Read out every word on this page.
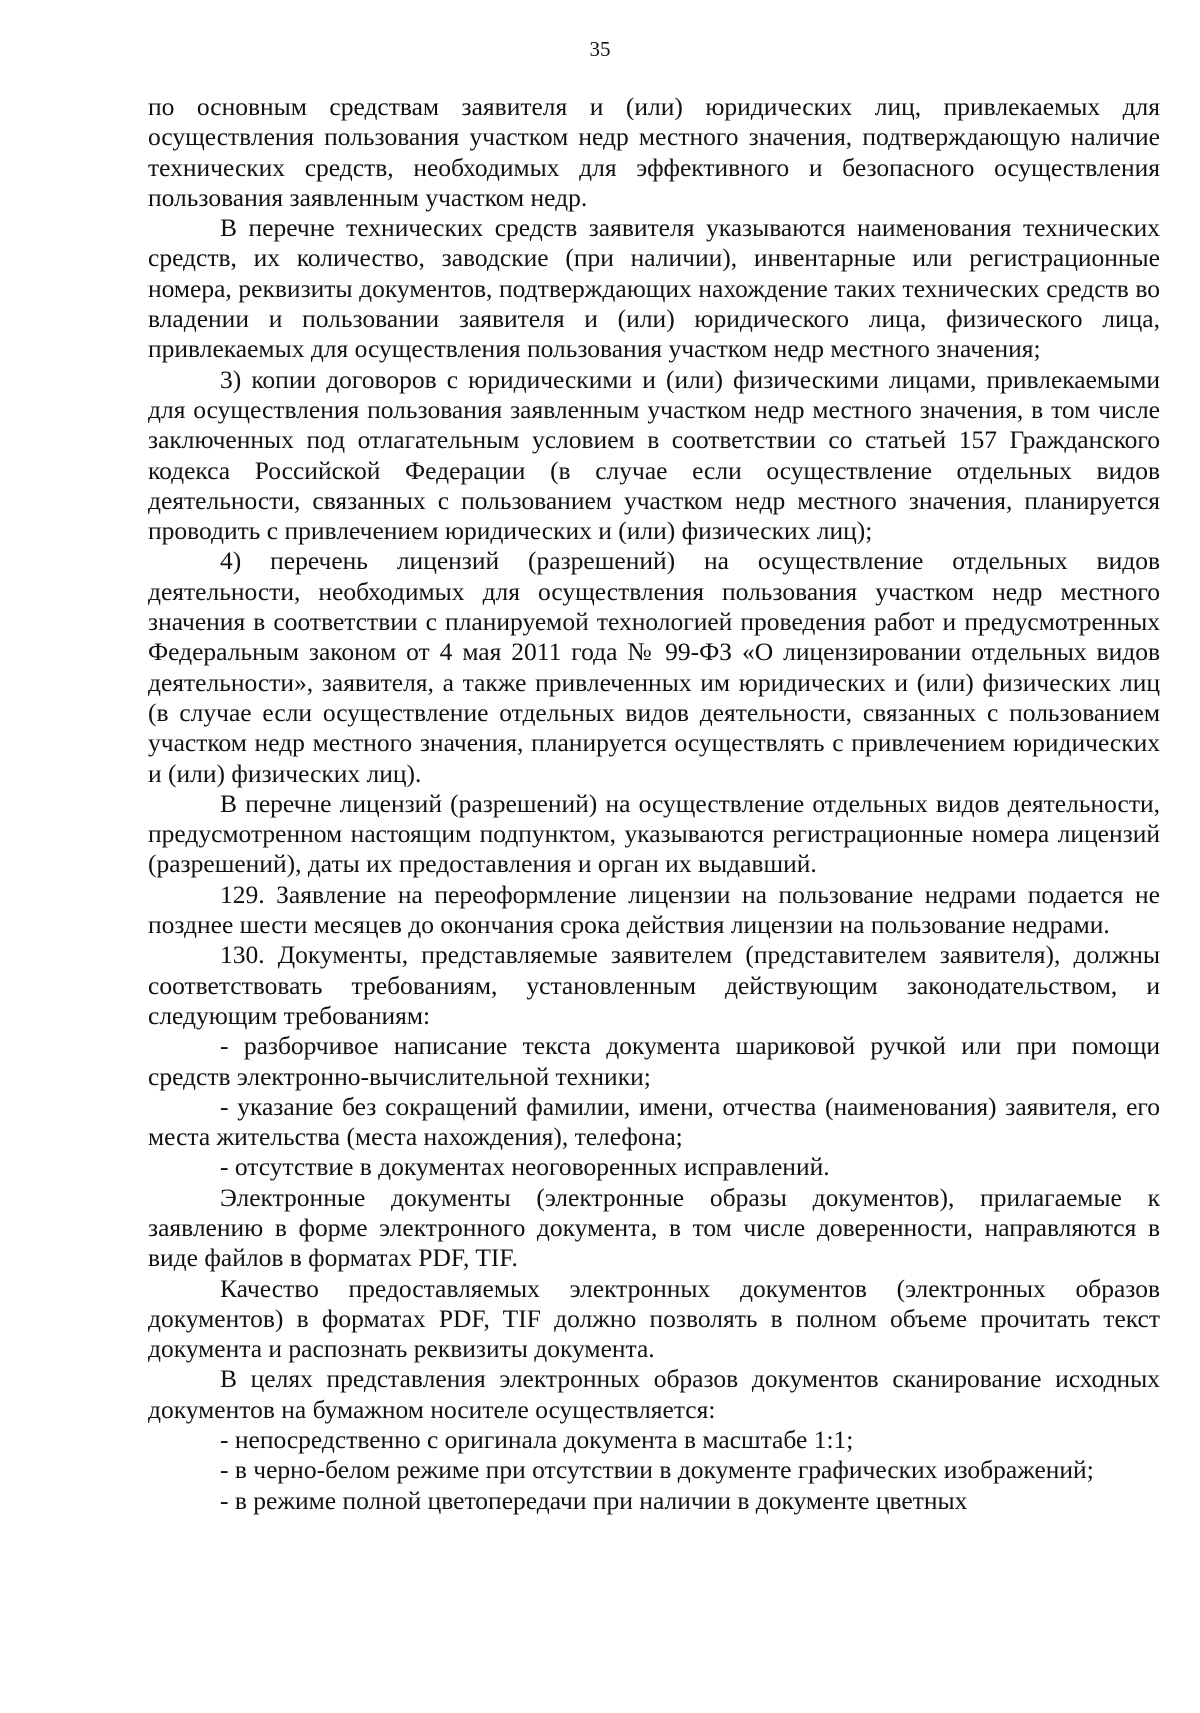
35

по основным средствам заявителя и (или) юридических лиц, привлекаемых для осуществления пользования участком недр местного значения, подтверждающую наличие технических средств, необходимых для эффективного и безопасного осуществления пользования заявленным участком недр.

В перечне технических средств заявителя указываются наименования технических средств, их количество, заводские (при наличии), инвентарные или регистрационные номера, реквизиты документов, подтверждающих нахождение таких технических средств во владении и пользовании заявителя и (или) юридического лица, физического лица, привлекаемых для осуществления пользования участком недр местного значения;

3) копии договоров с юридическими и (или) физическими лицами, привлекаемыми для осуществления пользования заявленным участком недр местного значения, в том числе заключенных под отлагательным условием в соответствии со статьей 157 Гражданского кодекса Российской Федерации (в случае если осуществление отдельных видов деятельности, связанных с пользованием участком недр местного значения, планируется проводить с привлечением юридических и (или) физических лиц);

4) перечень лицензий (разрешений) на осуществление отдельных видов деятельности, необходимых для осуществления пользования участком недр местного значения в соответствии с планируемой технологией проведения работ и предусмотренных Федеральным законом от 4 мая 2011 года № 99-ФЗ «О лицензировании отдельных видов деятельности», заявителя, а также привлеченных им юридических и (или) физических лиц (в случае если осуществление отдельных видов деятельности, связанных с пользованием участком недр местного значения, планируется осуществлять с привлечением юридических и (или) физических лиц).

В перечне лицензий (разрешений) на осуществление отдельных видов деятельности, предусмотренном настоящим подпунктом, указываются регистрационные номера лицензий (разрешений), даты их предоставления и орган их выдавший.

129. Заявление на переоформление лицензии на пользование недрами подается не позднее шести месяцев до окончания срока действия лицензии на пользование недрами.

130. Документы, представляемые заявителем (представителем заявителя), должны соответствовать требованиям, установленным действующим законодательством, и следующим требованиям:

- разборчивое написание текста документа шариковой ручкой или при помощи средств электронно-вычислительной техники;

- указание без сокращений фамилии, имени, отчества (наименования) заявителя, его места жительства (места нахождения), телефона;

- отсутствие в документах неоговоренных исправлений.

Электронные документы (электронные образы документов), прилагаемые к заявлению в форме электронного документа, в том числе доверенности, направляются в виде файлов в форматах PDF, TIF.

Качество предоставляемых электронных документов (электронных образов документов) в форматах PDF, TIF должно позволять в полном объеме прочитать текст документа и распознать реквизиты документа.

В целях представления электронных образов документов сканирование исходных документов на бумажном носителе осуществляется:

- непосредственно с оригинала документа в масштабе 1:1;

- в черно-белом режиме при отсутствии в документе графических изображений;

- в режиме полной цветопередачи при наличии в документе цветных
